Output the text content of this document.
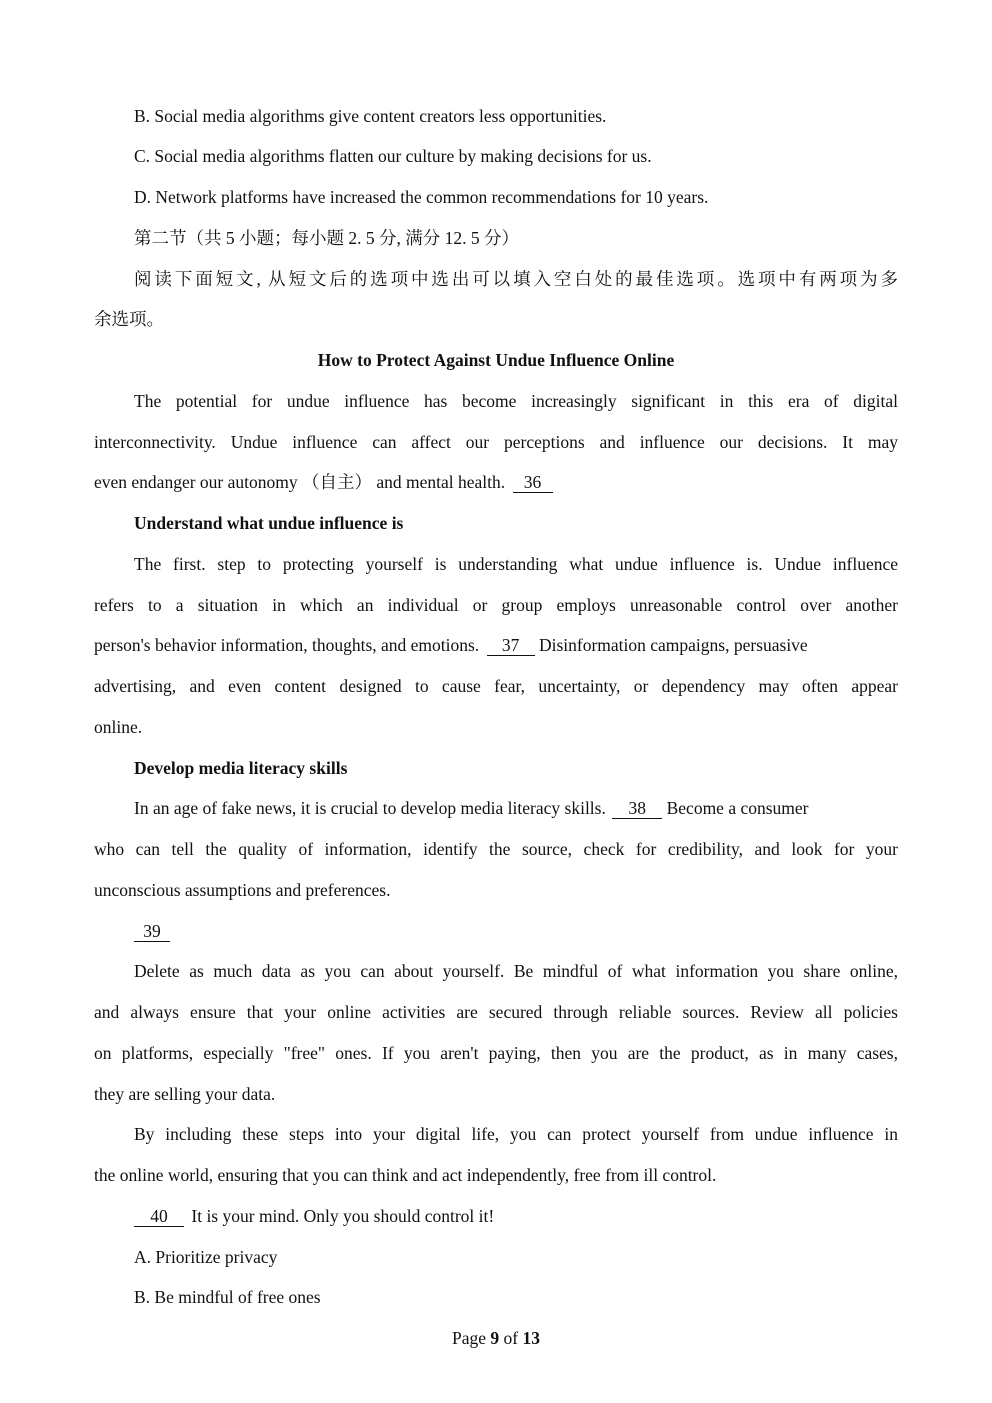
B. Social media algorithms give content creators less opportunities.
C. Social media algorithms flatten our culture by making decisions for us.
D. Network platforms have increased the common recommendations for 10 years.
第二节（共 5 小题；每小题 2. 5 分, 满分 12. 5 分）
阅读下面短文, 从短文后的选项中选出可以填入空白处的最佳选项。选项中有两项为多
余选项。
How to Protect Against Undue Influence Online
The potential for undue influence has become increasingly significant in this era of digital
interconnectivity. Undue influence can affect our perceptions and influence our decisions. It may
even endanger our autonomy （自主） and mental health. 36
Understand what undue influence is
The first. step to protecting yourself is understanding what undue influence is. Undue influence
refers to a situation in which an individual or group employs unreasonable control over another
person's behavior information, thoughts, and emotions. 37 Disinformation campaigns, persuasive
advertising, and even content designed to cause fear, uncertainty, or dependency may often appear
online.
Develop media literacy skills
In an age of fake news, it is crucial to develop media literacy skills. 38 Become a consumer
who can tell the quality of information, identify the source, check for credibility, and look for your
unconscious assumptions and preferences.
39
Delete as much data as you can about yourself. Be mindful of what information you share online,
and always ensure that your online activities are secured through reliable sources. Review all policies
on platforms, especially "free" ones. If you aren't paying, then you are the product, as in many cases,
they are selling your data.
By including these steps into your digital life, you can protect yourself from undue influence in
the online world, ensuring that you can think and act independently, free from ill control.
40 It is your mind. Only you should control it!
A. Prioritize privacy
B. Be mindful of free ones
Page 9 of 13
